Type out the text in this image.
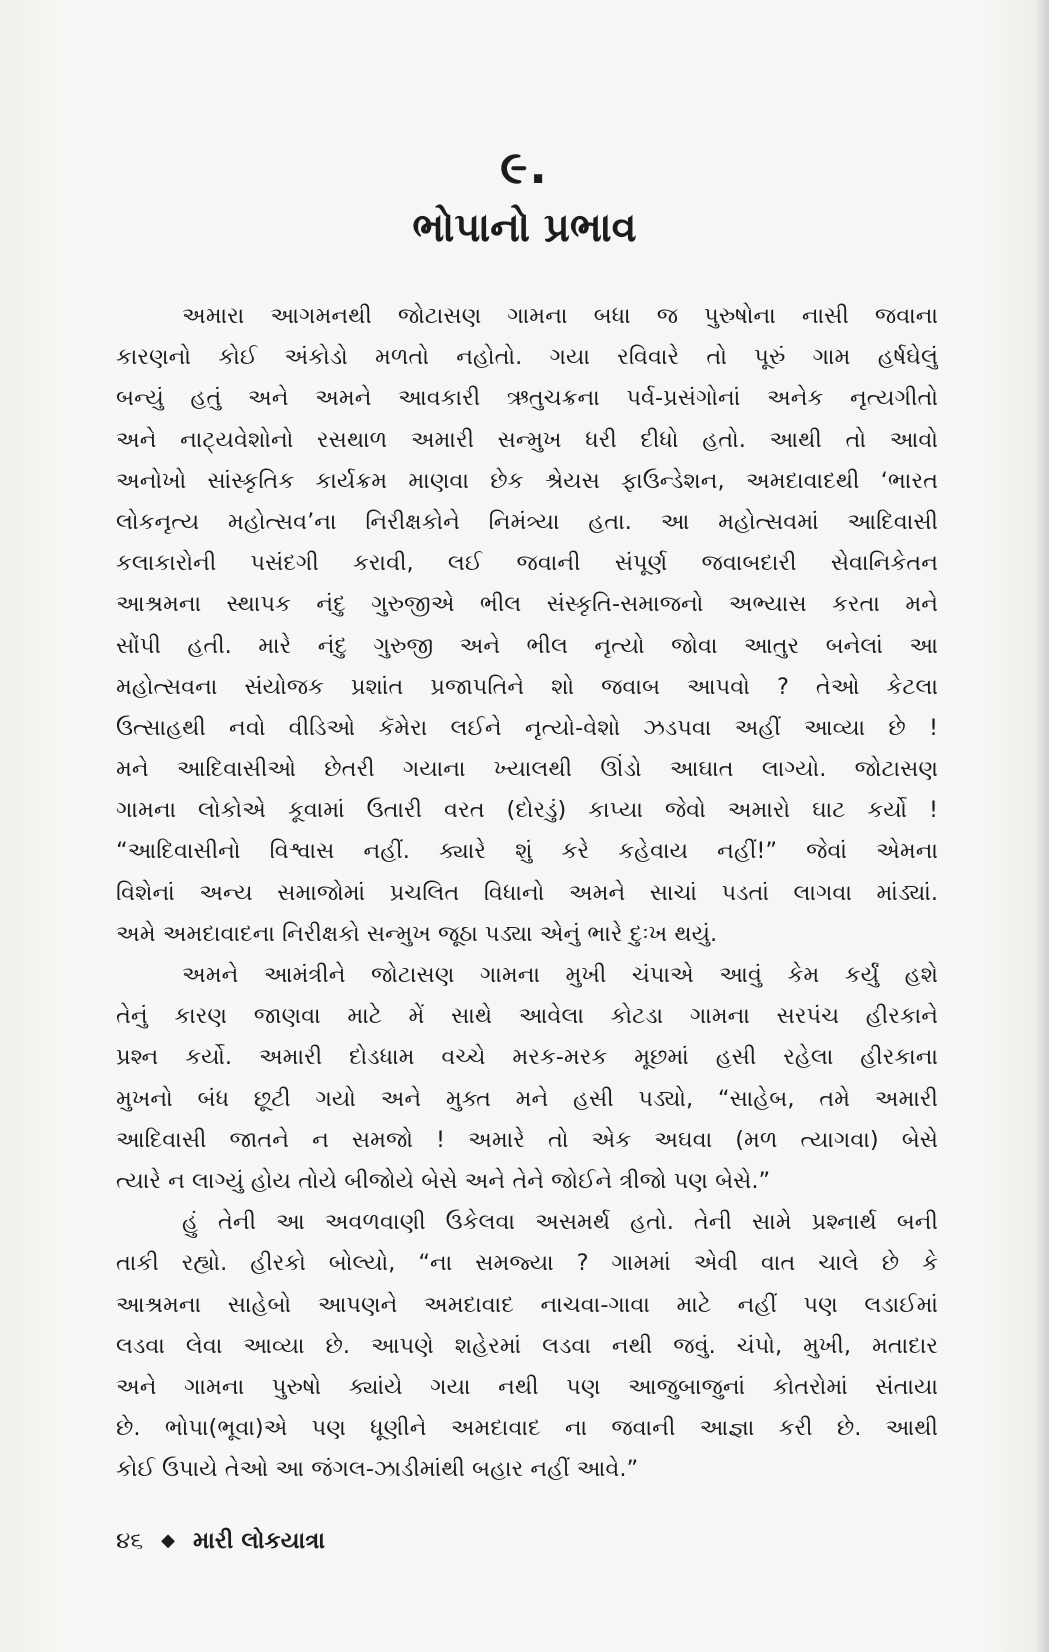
૯.
ભોપાનો પ્રભાવ
અમારા આગમનથી જોટાસણ ગામના બધા જ પુરુષોના નાસી જવાના
કારણનો કોઈ અંકોડો મળતો નહોતો. ગયા રવિવારે તો પૂરું ગામ હર્ષઘેલું
બન્યું હતું અને અમને આવકારી ઋતુચક્રના પર્વ-પ્રસંગોનાં અનેક નૃત્યગીતો
અને નાટ્યવેશોનો રસથાળ અમારી સન્મુખ ધરી દીધો હતો. આથી તો આવો
અનોખો સાંસ્કૃતિક કાર્યક્રમ માણવા છેક શ્રેયસ ફાઉન્ડેશન, અમદાવાદથી ‘ભારત
લોકનૃત્ય મહોત્સવ’ના નિરીક્ષકોને નિમંત્ર્યા હતા. આ મહોત્સવમાં આદિવાસી
કલાકારોની પસંદગી કરાવી, લઈ જવાની સંપૂર્ણ જવાબદારી સેવાનિકેતન
આશ્રમના સ્થાપક નંદુ ગુરુજીએ ભીલ સંસ્કૃતિ-સમાજનો અભ્યાસ કરતા મને
સોંપી હતી. મારે નંદુ ગુરુજી અને ભીલ નૃત્યો જોવા આતુર બનેલાં આ
મહોત્સવના સંયોજક પ્રશાંત પ્રજાપતિને શો જવાબ આપવો ? તેઓ કેટલા
ઉત્સાહથી નવો વીડિઓ કૅમેરા લઈને નૃત્યો-વેશો ઝડપવા અહીં આવ્યા છે !
મને આદિવાસીઓ છેતરી ગયાના ખ્યાલથી ઊંડો આઘાત લાગ્યો. જોટાસણ
ગામના લોકોએ કૂવામાં ઉતારી વરત (દોરડું) કાપ્યા જેવો અમારો ઘાટ કર્યો !
“આદિવાસીનો વિશ્વાસ નહીં. ક્યારે શું કરે કહેવાય નહીં!” જેવાં એમના
વિશેનાં અન્ય સમાજોમાં પ્રચલિત વિધાનો અમને સાચાં પડતાં લાગવા માંડ્યાં.
અમે અમદાવાદના નિરીક્ષકો સન્મુખ જૂઠા પડ્યા એનું ભારે દુઃખ થયું.
અમને આમંત્રીને જોટાસણ ગામના મુખી ચંપાએ આવું કેમ કર્યું હશે
તેનું કારણ જાણવા માટે મેં સાથે આવેલા કોટડા ગામના સરપંચ હીરકાને
પ્રશ્ન કર્યો. અમારી દોડધામ વચ્ચે મરક-મરક મૂછમાં હસી રહેલા હીરકાના
મુખનો બંધ છૂટી ગયો અને મુક્ત મને હસી પડ્યો, “સાહેબ, તમે અમારી
આદિવાસી જાતને ન સમજો ! અમારે તો એક અઘવા (મળ ત્યાગવા) બેસે
ત્યારે ન લાગ્યું હોય તોયે બીજોયે બેસે અને તેને જોઈને ત્રીજો પણ બેસે.”
હું તેની આ અવળવાણી ઉકેલવા અસમર્થ હતો. તેની સામે પ્રશ્નાર્થ બની
તાકી રહ્યો. હીરકો બોલ્યો, “ના સમજ્યા ? ગામમાં એવી વાત ચાલે છે કે
આશ્રમના સાહેબો આપણને અમદાવાદ નાચવા-ગાવા માટે નહીં પણ લડાઈમાં
લડવા લેવા આવ્યા છે. આપણે શહેરમાં લડવા નથી જવું. ચંપો, મુખી, મતાદાર
અને ગામના પુરુષો ક્યાંયે ગયા નથી પણ આજુબાજુનાં કોતરોમાં સંતાયા
છે. ભોપા(ભૂવા)એ પણ ધૂણીને અમદાવાદ ના જવાની આજ્ઞા કરી છે. આથી
કોઈ ઉપાયે તેઓ આ જંગલ-ઝાડીમાંથી બહાર નહીં આવે.”
૪૬ ◆ મારી લોકયાત્રા
